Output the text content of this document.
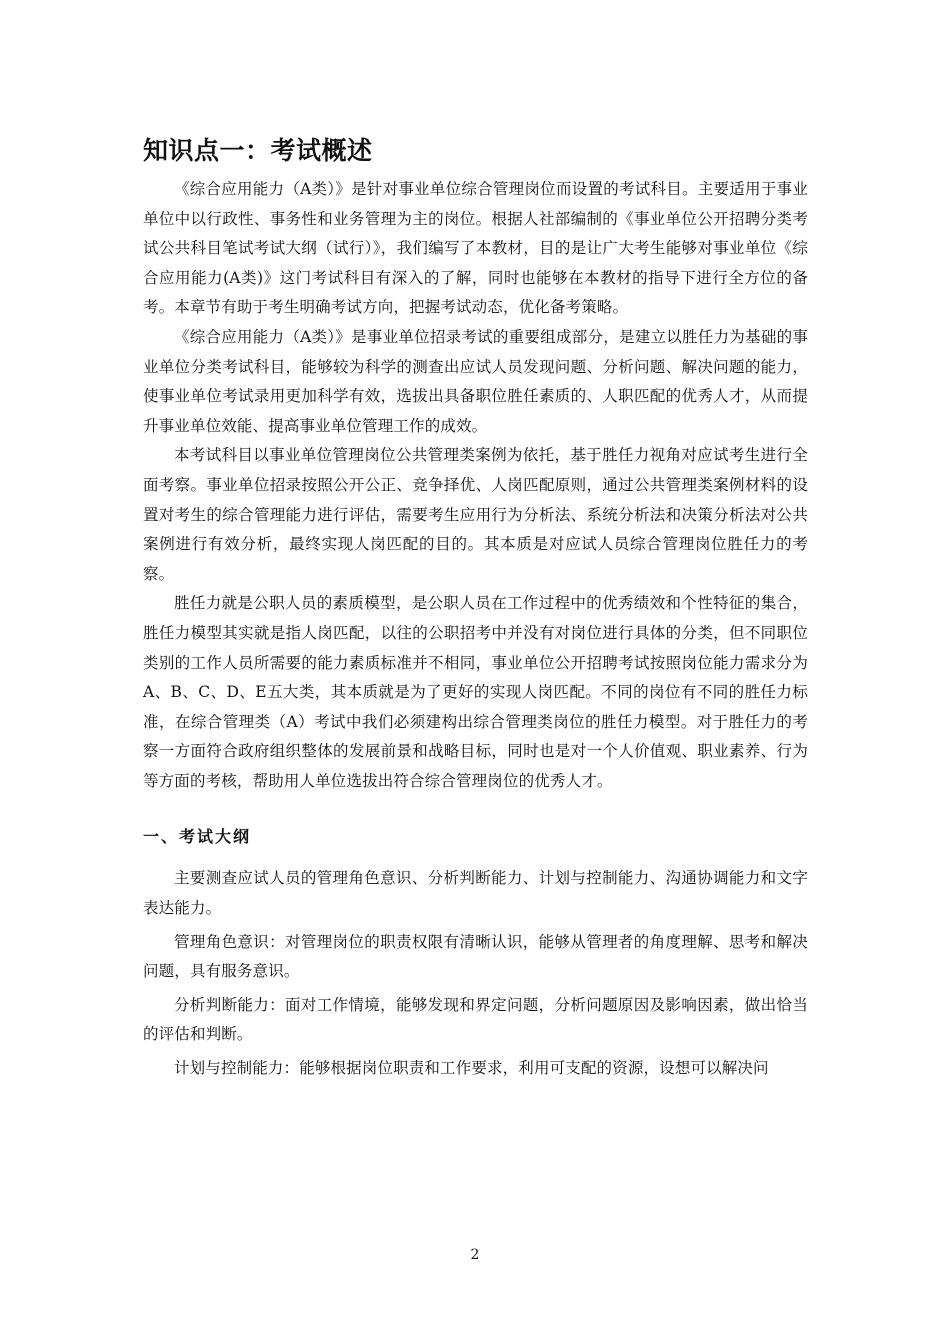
知识点一：考试概述

《综合应用能力（A类）》是针对事业单位综合管理岗位而设置的考试科目。主要适用于事业单位中以行政性、事务性和业务管理为主的岗位。根据人社部编制的《事业单位公开招聘分类考试公共科目笔试考试大纲（试行）》，我们编写了本教材，目的是让广大考生能够对事业单位《综合应用能力(A类)》这门考试科目有深入的了解，同时也能够在本教材的指导下进行全方位的备考。本章节有助于考生明确考试方向，把握考试动态，优化备考策略。

《综合应用能力（A类）》是事业单位招录考试的重要组成部分，是建立以胜任力为基础的事业单位分类考试科目，能够较为科学的测查出应试人员发现问题、分析问题、解决问题的能力，使事业单位考试录用更加科学有效，选拔出具备职位胜任素质的、人职匹配的优秀人才，从而提升事业单位效能、提高事业单位管理工作的成效。

本考试科目以事业单位管理岗位公共管理类案例为依托，基于胜任力视角对应试考生进行全面考察。事业单位招录按照公开公正、竞争择优、人岗匹配原则，通过公共管理类案例材料的设置对考生的综合管理能力进行评估，需要考生应用行为分析法、系统分析法和决策分析法对公共案例进行有效分析，最终实现人岗匹配的目的。其本质是对应试人员综合管理岗位胜任力的考察。

胜任力就是公职人员的素质模型，是公职人员在工作过程中的优秀绩效和个性特征的集合，胜任力模型其实就是指人岗匹配，以往的公职招考中并没有对岗位进行具体的分类，但不同职位类别的工作人员所需要的能力素质标准并不相同，事业单位公开招聘考试按照岗位能力需求分为A、B、C、D、E五大类，其本质就是为了更好的实现人岗匹配。不同的岗位有不同的胜任力标准，在综合管理类（A）考试中我们必须建构出综合管理类岗位的胜任力模型。对于胜任力的考察一方面符合政府组织整体的发展前景和战略目标，同时也是对一个人价值观、职业素养、行为等方面的考核，帮助用人单位选拔出符合综合管理岗位的优秀人才。

一、考试大纲

主要测查应试人员的管理角色意识、分析判断能力、计划与控制能力、沟通协调能力和文字表达能力。

管理角色意识：对管理岗位的职责权限有清晰认识，能够从管理者的角度理解、思考和解决问题，具有服务意识。

分析判断能力：面对工作情境，能够发现和界定问题，分析问题原因及影响因素，做出恰当的评估和判断。

计划与控制能力：能够根据岗位职责和工作要求，利用可支配的资源，设想可以解决问

2
